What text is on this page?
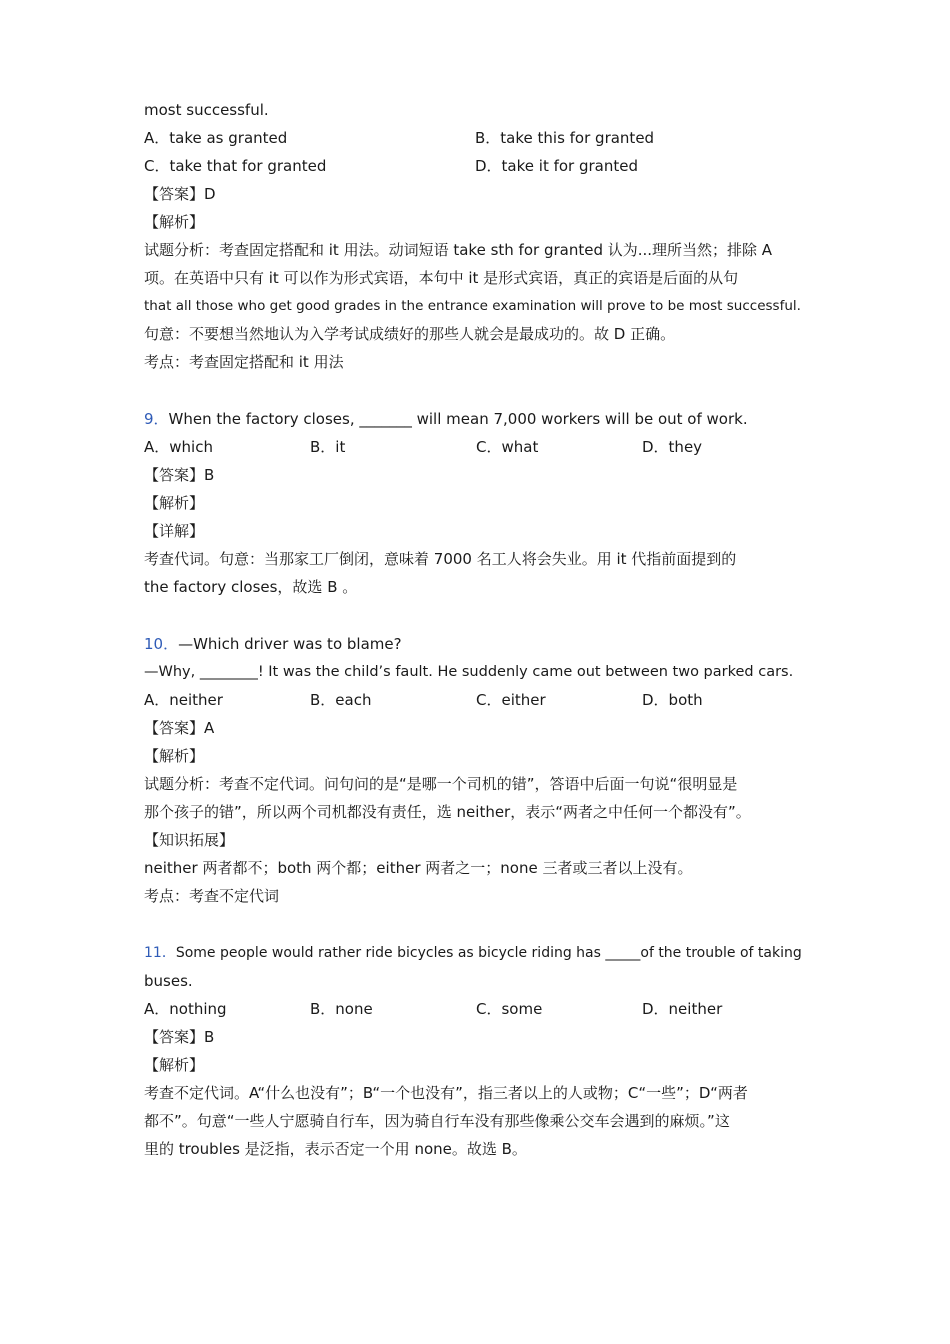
most successful.
A．take as granted	B．take this for granted
C．take that for granted	D．take it for granted
【答案】D
【解析】
试题分析：考查固定搭配和 it 用法。动词短语 take sth for granted 认为...理所当然；排除 A
项。在英语中只有 it 可以作为形式宾语，本句中 it 是形式宾语，真正的宾语是后面的从句
that all those who get good grades in the entrance examination will prove to be most successful.
句意：不要想当然地认为入学考试成绩好的那些人就会是最成功的。故 D 正确。
考点：考查固定搭配和 it 用法
9．When the factory closes, _______ will mean 7,000 workers will be out of work.
A．which	B．it	C．what	D．they
【答案】B
【解析】
【详解】
考查代词。句意：当那家工厂倒闭，意味着 7000 名工人将会失业。用 it 代指前面提到的
the factory closes，故选 B 。
10．—Which driver was to blame?
—Why, ________! It was the child’s fault. He suddenly came out between two parked cars.
A．neither	B．each	C．either	D．both
【答案】A
【解析】
试题分析：考查不定代词。问句问的是“是哪一个司机的错”，答语中后面一句说“很明显是
那个孩子的错”，所以两个司机都没有责任，选 neither，表示“两者之中任何一个都没有”。
【知识拓展】
neither 两者都不；both 两个都；either 两者之一；none 三者或三者以上没有。
考点：考查不定代词
11．Some people would rather ride bicycles as bicycle riding has _____of the trouble of taking
buses.
A．nothing	B．none	C．some	D．neither
【答案】B
【解析】
考查不定代词。A“什么也没有”；B“一个也没有”，指三者以上的人或物；C“一些”；D“两者
都不”。句意“一些人宁愿骑自行车，因为骑自行车没有那些像乘公交车会遇到的麻烦。”这
里的 troubles 是泛指，表示否定一个用 none。故选 B。
